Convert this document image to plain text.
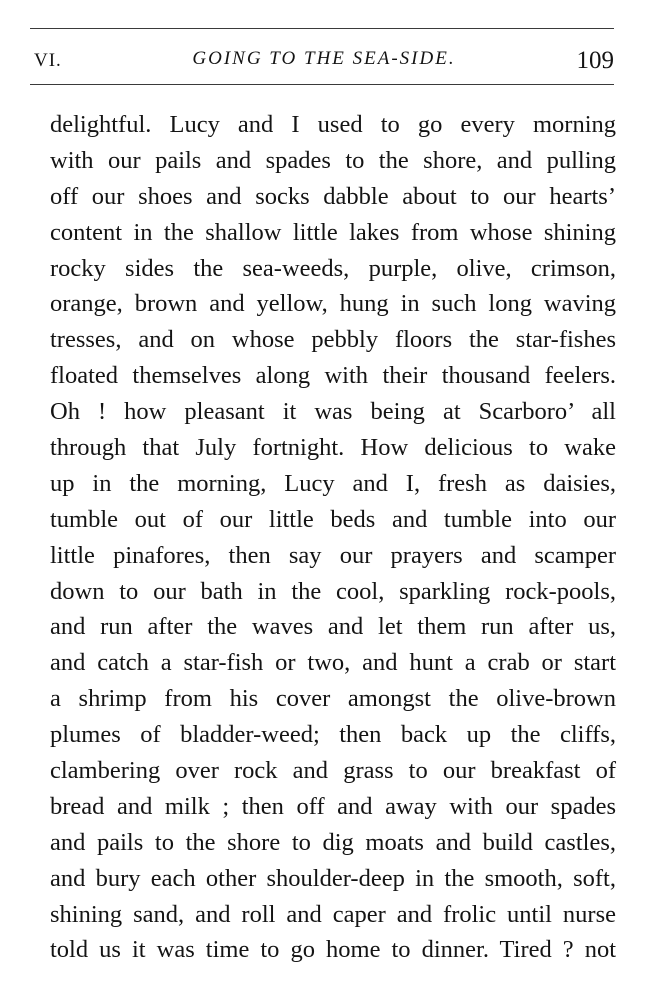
GOING TO THE SEA-SIDE.
VI.	109
delightful. Lucy and I used to go every morning
with our pails and spades to the shore, and pulling
off our shoes and socks dabble about to our hearts’
content in the shallow little lakes from whose shining
rocky sides the sea-weeds, purple, olive, crimson,
orange, brown and yellow, hung in such long waving
tresses, and on whose pebbly floors the star-fishes
floated themselves along with their thousand feelers.
Oh ! how pleasant it was being at Scarboro’ all
through that July fortnight. How delicious to wake
up in the morning, Lucy and I, fresh as daisies,
tumble out of our little beds and tumble into our
little pinafores, then say our prayers and scamper
down to our bath in the cool, sparkling rock-pools,
and run after the waves and let them run after us,
and catch a star-fish or two, and hunt a crab or start
a shrimp from his cover amongst the olive-brown
plumes of bladder-weed; then back up the cliffs,
clambering over rock and grass to our breakfast of
bread and milk ; then off and away with our spades
and pails to the shore to dig moats and build castles,
and bury each other shoulder-deep in the smooth, soft,
shining sand, and roll and caper and frolic until nurse
told us it was time to go home to dinner. Tired ? not
